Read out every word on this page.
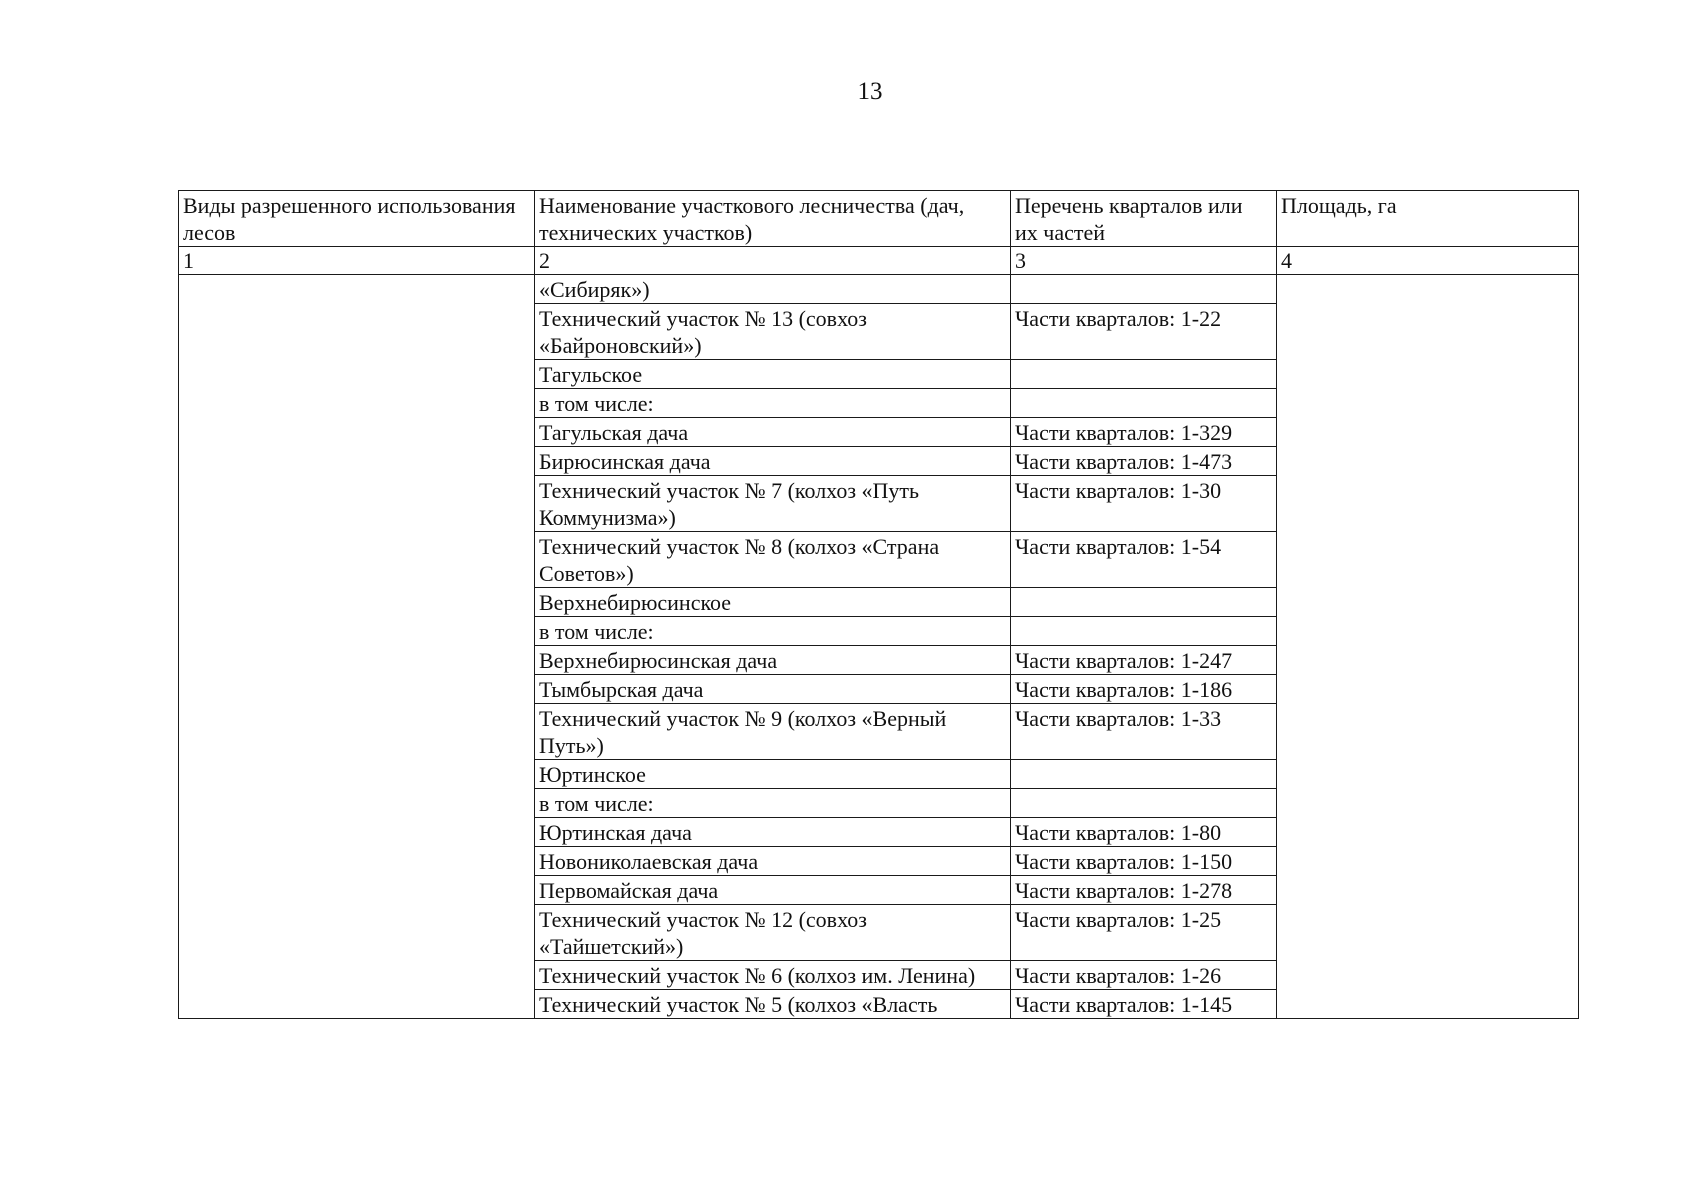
13
Виды разрешенного использования лесов	Наименование участкового лесничества (дач, технических участков)	Перечень кварталов или их частей	Площадь, га
1	2	3	4
	«Сибиряк»)		
	Технический участок № 13 (совхоз «Байроновский»)	Части кварталов: 1-22	
	Тагульское		
	в том числе:		
	Тагульская дача	Части кварталов: 1-329	
	Бирюсинская дача	Части кварталов: 1-473	
	Технический участок № 7 (колхоз «Путь Коммунизма»)	Части кварталов: 1-30	
	Технический участок № 8 (колхоз «Страна Советов»)	Части кварталов: 1-54	
	Верхнебирюсинское		
	в том числе:		
	Верхнебирюсинская дача	Части кварталов: 1-247	
	Тымбырская дача	Части кварталов: 1-186	
	Технический участок № 9 (колхоз «Верный Путь»)	Части кварталов: 1-33	
	Юртинское		
	в том числе:		
	Юртинская дача	Части кварталов: 1-80	
	Новониколаевская дача	Части кварталов: 1-150	
	Первомайская дача	Части кварталов: 1-278	
	Технический участок № 12 (совхоз «Тайшетский»)	Части кварталов: 1-25	
	Технический участок № 6 (колхоз им. Ленина)	Части кварталов: 1-26	
	Технический участок № 5 (колхоз «Власть	Части кварталов: 1-145	
